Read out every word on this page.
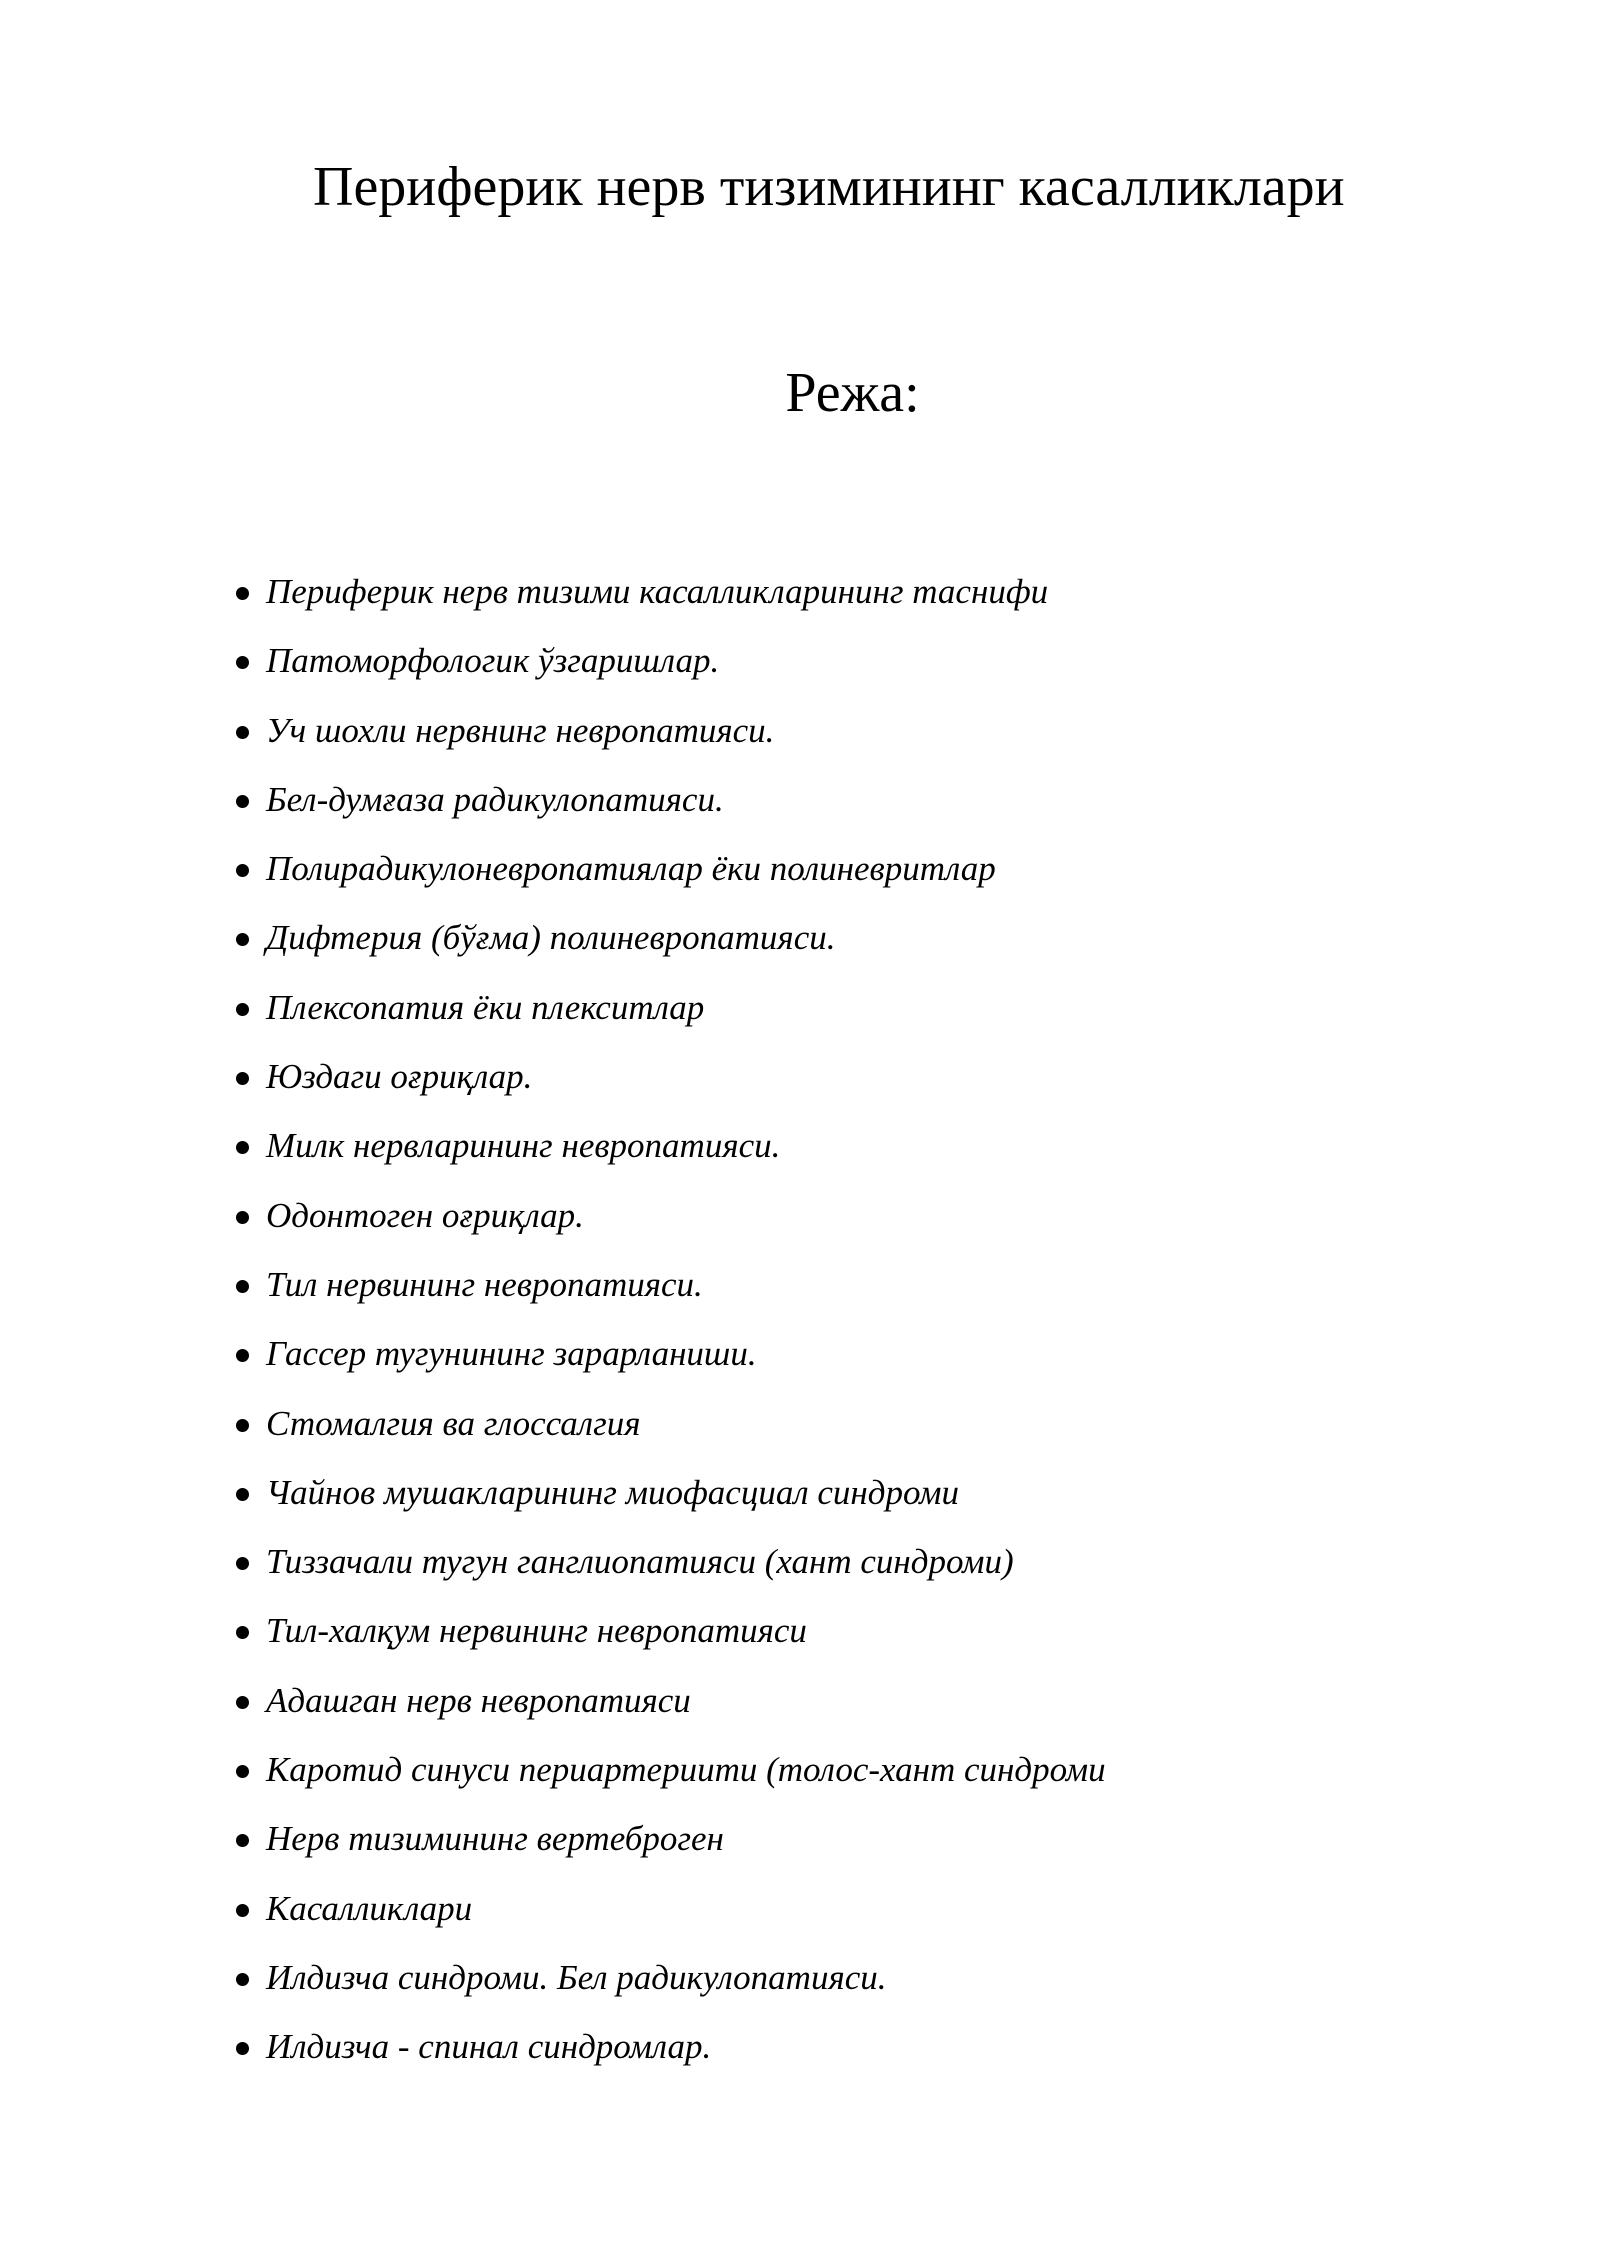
Периферик нерв тизимининг касалликлари
Режа:
Периферик нерв тизими касалликларининг таснифи
Патоморфологик ўзгаришлар.
Уч шохли нервнинг невропатияси.
Бел-думғаза радикулопатияси.
Полирадикулоневропатиялар ёки полиневритлар
Дифтерия (бўғма) полиневропатияси.
Плексопатия ёки плекситлар
Юздаги оғриқлар.
Милк нервларининг невропатияси.
Одонтоген оғриқлар.
Тил нервининг невропатияси.
Гассер тугунининг зарарланиши.
Стомалгия ва глоссалгия
Чайнов мушакларининг миофасциал синдроми
Тиззачали тугун ганглиопатияси (хант синдроми)
Тил-халқум нервининг невропатияси
Адашган нерв невропатияси
Каротид синуси периартериити (толос-хант синдроми
Нерв тизимининг вертеброген
Касалликлари
Илдизча синдроми. Бел радикулопатияси.
Илдизча - спинал синдромлар.
